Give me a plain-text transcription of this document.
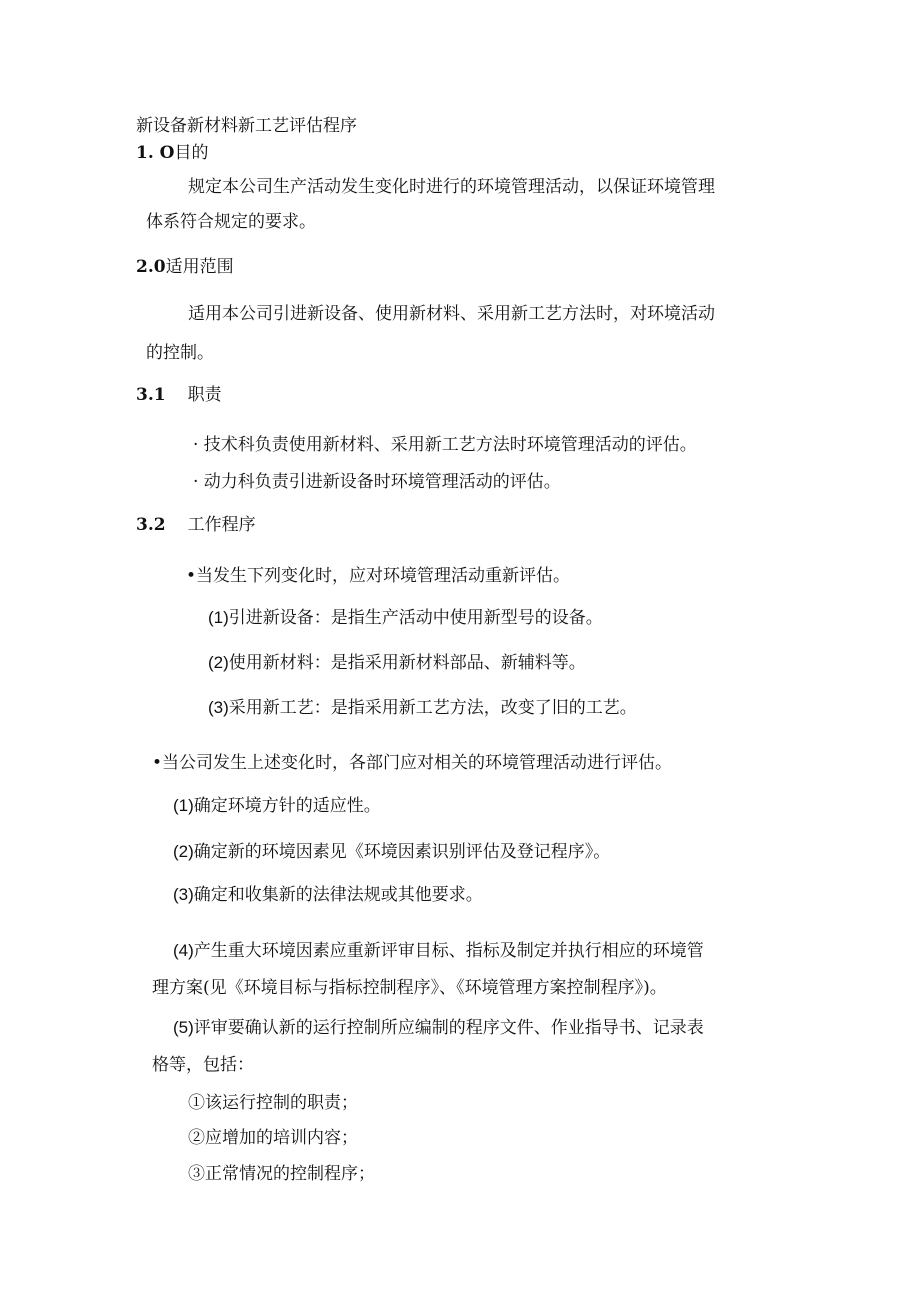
新设备新材料新工艺评估程序
1. O目的
规定本公司生产活动发生变化时进行的环境管理活动，以保证环境管理
体系符合规定的要求。
2.0适用范围
适用本公司引进新设备、使用新材料、采用新工艺方法时，对环境活动
的控制。
3.1 职责
· 技术科负责使用新材料、采用新工艺方法时环境管理活动的评估。
· 动力科负责引进新设备时环境管理活动的评估。
3.2 工作程序
•当发生下列变化时，应对环境管理活动重新评估。
(1)引进新设备：是指生产活动中使用新型号的设备。
(2)使用新材料：是指采用新材料部品、新辅料等。
(3)采用新工艺：是指采用新工艺方法，改变了旧的工艺。
•当公司发生上述变化时，各部门应对相关的环境管理活动进行评估。
(1)确定环境方针的适应性。
(2)确定新的环境因素见《环境因素识别评估及登记程序》。
(3)确定和收集新的法律法规或其他要求。
(4)产生重大环境因素应重新评审目标、指标及制定并执行相应的环境管
理方案(见《环境目标与指标控制程序》、《环境管理方案控制程序》)。
(5)评审要确认新的运行控制所应编制的程序文件、作业指导书、记录表
格等，包括：
①该运行控制的职责；
②应增加的培训内容；
③正常情况的控制程序；
